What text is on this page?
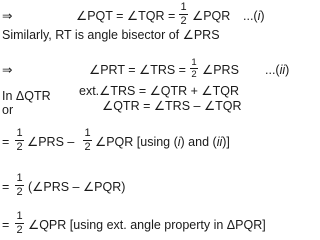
⇒	∠PQT = ∠TQR =
1
2 ∠PQR ...(i)
Similarly, RT is angle bisector of ∠PRS
⇒	∠PRT = ∠TRS =
1
2 ∠PRS ...(ii)
In ΔQTR ext.∠TRS = ∠QTR + ∠TQR
or	∠QTR = ∠TRS – ∠TQR
=
1
2 ∠PRS –
1
2 ∠PQR [using (i) and (ii)]
=
1
2 (∠PRS – ∠PQR)
=
1
2 ∠QPR [using ext. angle property in ΔPQR]
